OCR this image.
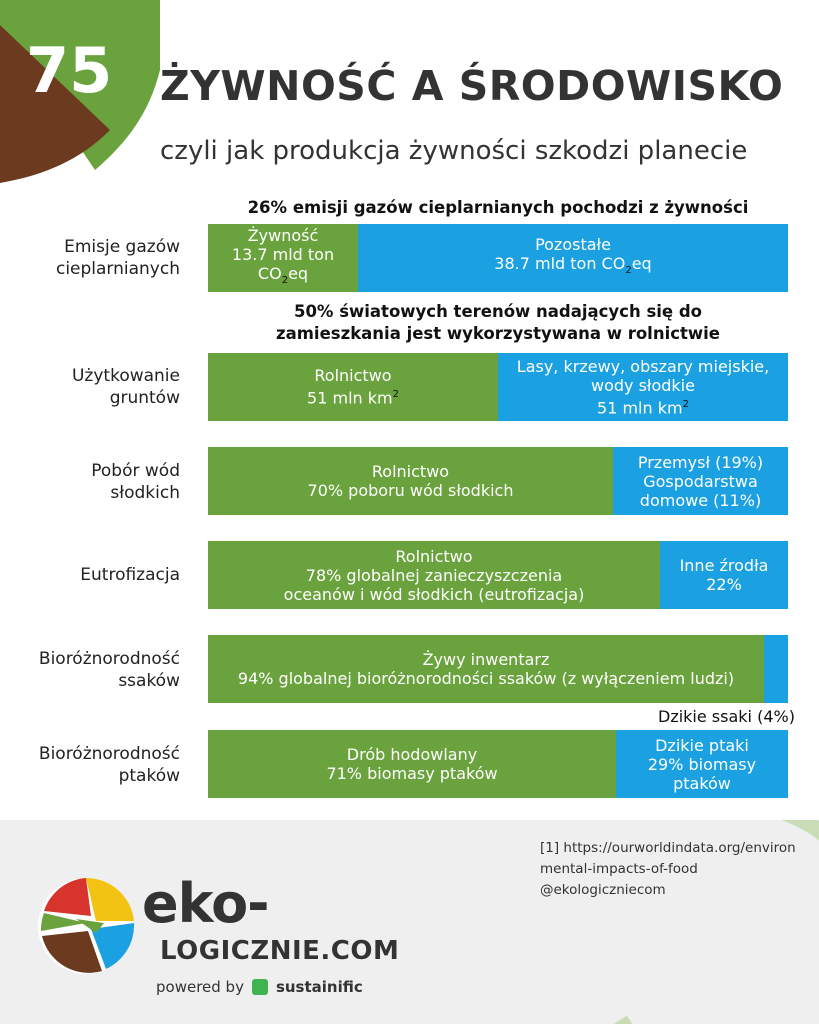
75 ŻYWNOŚĆ A ŚRODOWISKO
czyli jak produkcja żywności szkodzi planecie
26% emisji gazów cieplarnianych pochodzi z żywności
Emisje gazów
cieplarnianych
Żywność
13.7 mld ton
$CO_2eq$
Pozostałe
38.7 mld ton $CO_2eq$
50% światowych terenów nadających się do
zamieszkania jest wykorzystywana w rolnictwie
Użytkowanie
gruntów
Rolnictwo
51 mln $km^2$
Lasy, krzewy, obszary miejskie,
wody słodkie
51 mln $km^2$
Pobór wód
słodkich
Rolnictwo
70% poboru wód słodkich
Przemysł (19%)
Gospodarstwa
domowe (11%)
Eutrofizacja
Rolnictwo
78% globalnej zanieczyszczenia
oceanów i wód słodkich (eutrofizacja)
Inne źrodła
22%
Bioróżnorodność
ssaków
Żywy inwentarz
94% globalnej bioróżnorodności ssaków (z wyłączeniem ludzi)
Dzikie ssaki (4%)
Bioróżnorodność
ptaków
Drób hodowlany
71% biomasy ptaków
Dzikie ptaki
29% biomasy
ptaków
[1] https://ourworldindata.org/environ
mental-impacts-of-food
@ekologiczniecom
eko-
LOGICZNIE.COM
powered by sustainific
